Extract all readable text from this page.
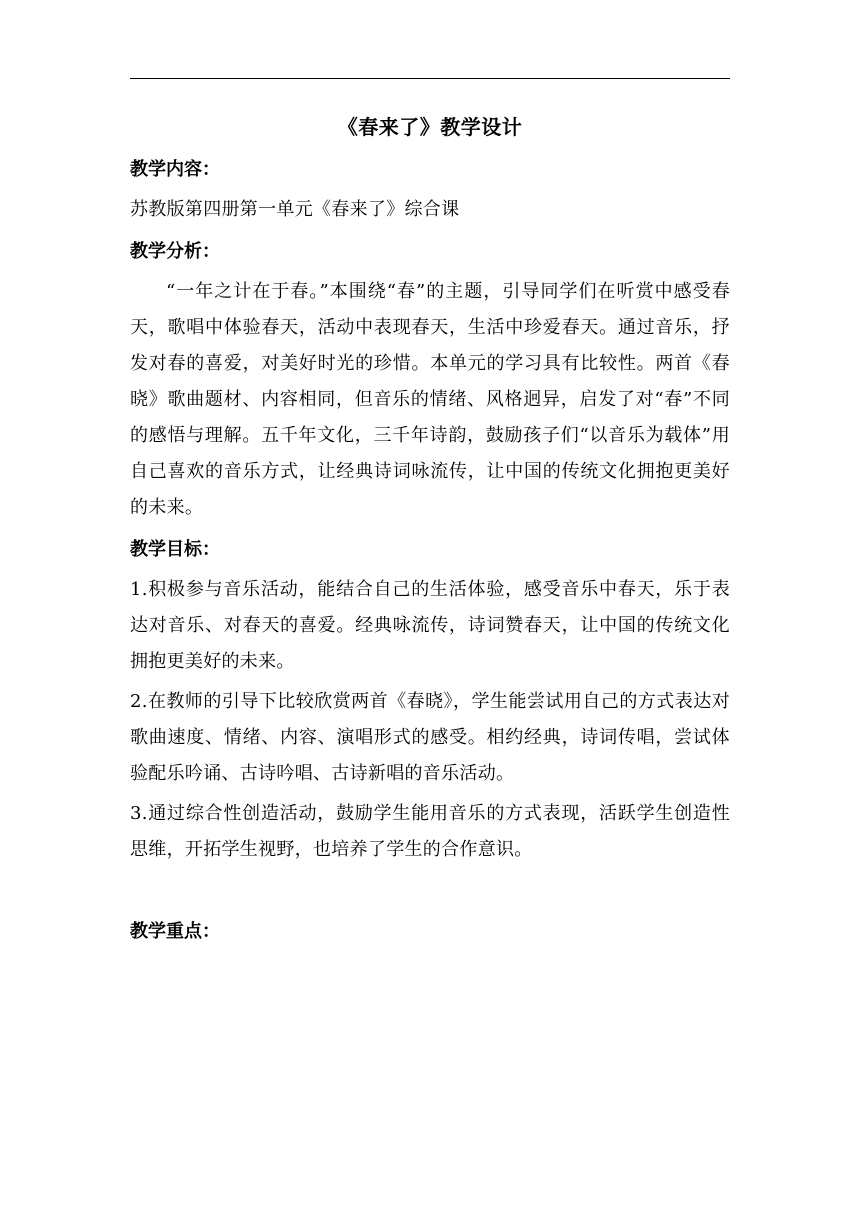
《春来了》教学设计
教学内容：
苏教版第四册第一单元《春来了》综合课
教学分析：
“一年之计在于春。”本围绕“春”的主题，引导同学们在听赏中感受春天，歌唱中体验春天，活动中表现春天，生活中珍爱春天。通过音乐，抒发对春的喜爱，对美好时光的珍惜。本单元的学习具有比较性。两首《春晓》歌曲题材、内容相同，但音乐的情绪、风格迥异，启发了对“春”不同的感悟与理解。五千年文化，三千年诗韵，鼓励孩子们“以音乐为载体”用自己喜欢的音乐方式，让经典诗词咏流传，让中国的传统文化拥抱更美好的未来。
教学目标：
1.积极参与音乐活动，能结合自己的生活体验，感受音乐中春天，乐于表达对音乐、对春天的喜爱。经典咏流传，诗词赞春天，让中国的传统文化拥抱更美好的未来。
2.在教师的引导下比较欣赏两首《春晓》，学生能尝试用自己的方式表达对歌曲速度、情绪、内容、演唱形式的感受。相约经典，诗词传唱，尝试体验配乐吟诵、古诗吟唱、古诗新唱的音乐活动。
3.通过综合性创造活动，鼓励学生能用音乐的方式表现，活跃学生创造性思维，开拓学生视野，也培养了学生的合作意识。
教学重点：
